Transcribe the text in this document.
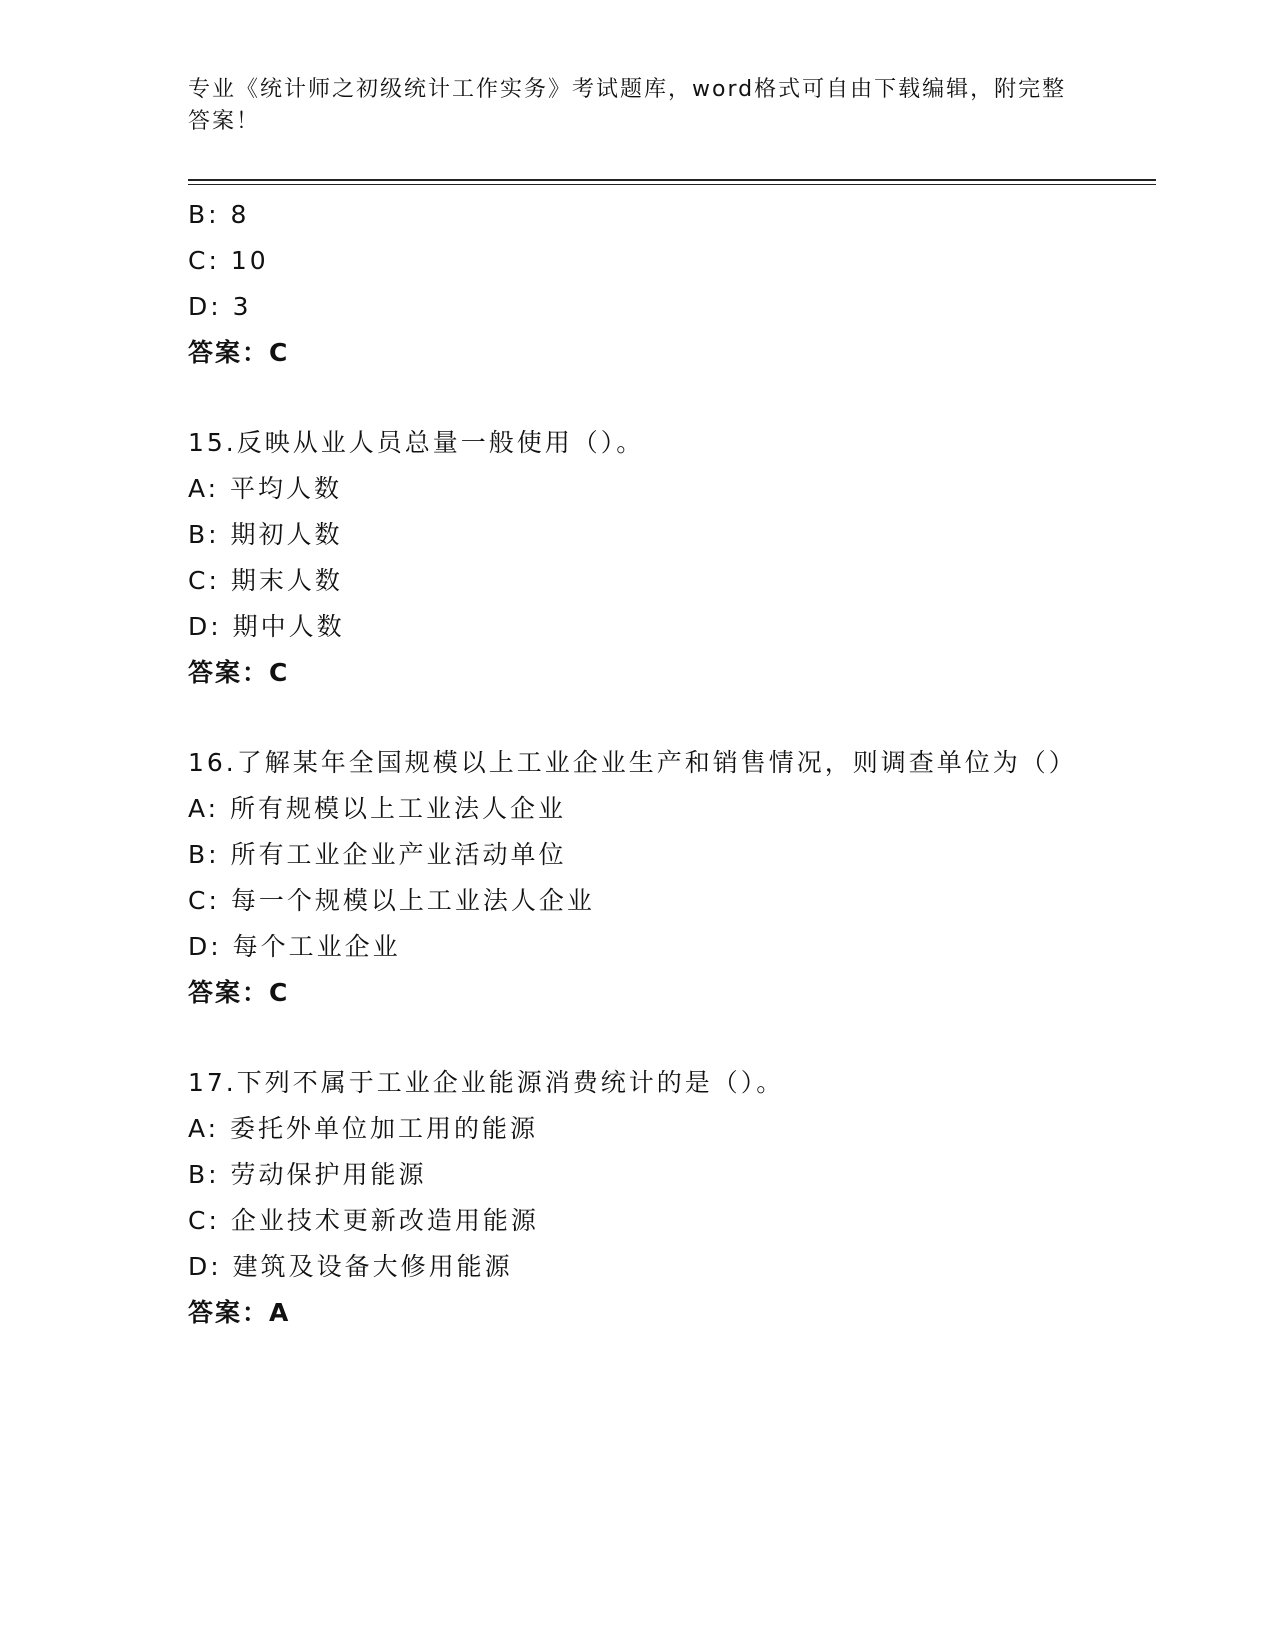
专业《统计师之初级统计工作实务》考试题库，word格式可自由下载编辑，附完整答案！
B: 8
C: 10
D: 3
答案：C
15.反映从业人员总量一般使用（）。
A: 平均人数
B: 期初人数
C: 期末人数
D: 期中人数
答案：C
16.了解某年全国规模以上工业企业生产和销售情况，则调查单位为（）
A: 所有规模以上工业法人企业
B: 所有工业企业产业活动单位
C: 每一个规模以上工业法人企业
D: 每个工业企业
答案：C
17.下列不属于工业企业能源消费统计的是（）。
A: 委托外单位加工用的能源
B: 劳动保护用能源
C: 企业技术更新改造用能源
D: 建筑及设备大修用能源
答案：A
